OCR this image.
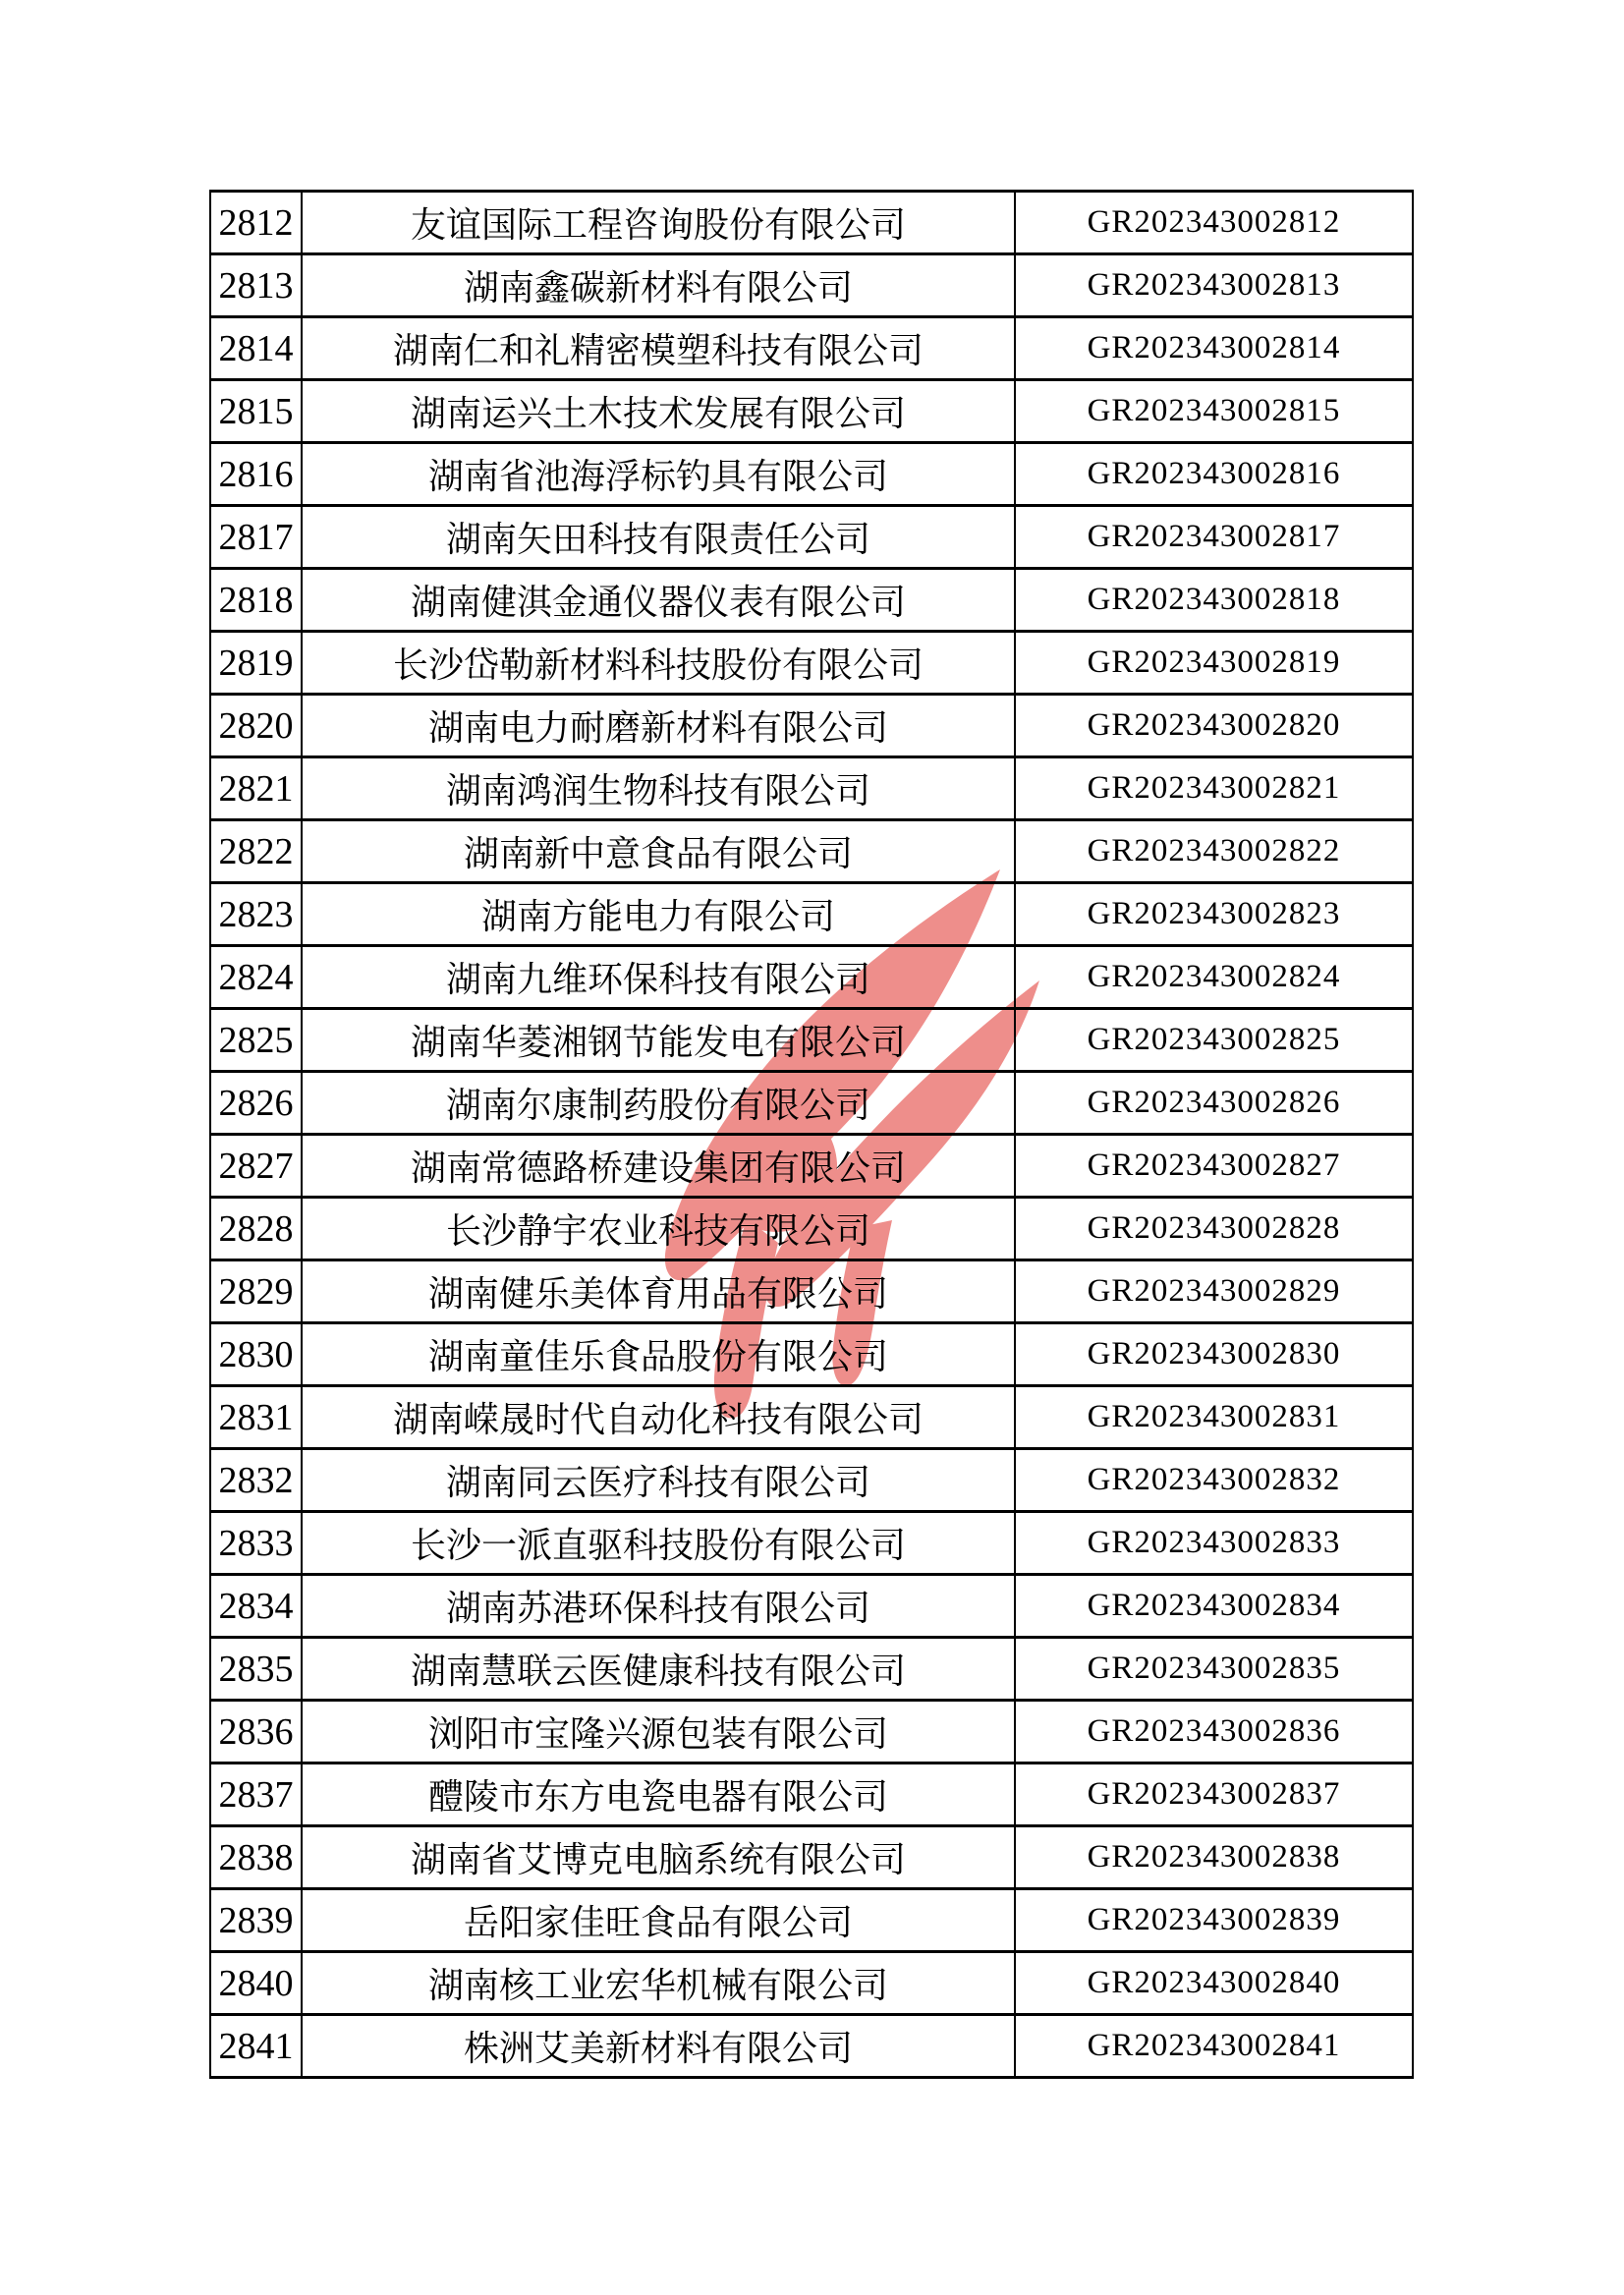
2812	友谊国际工程咨询股份有限公司	GR202343002812
2813	湖南鑫碳新材料有限公司	GR202343002813
2814	湖南仁和礼精密模塑科技有限公司	GR202343002814
2815	湖南运兴土木技术发展有限公司	GR202343002815
2816	湖南省池海浮标钓具有限公司	GR202343002816
2817	湖南矢田科技有限责任公司	GR202343002817
2818	湖南健淇金通仪器仪表有限公司	GR202343002818
2819	长沙岱勒新材料科技股份有限公司	GR202343002819
2820	湖南电力耐磨新材料有限公司	GR202343002820
2821	湖南鸿润生物科技有限公司	GR202343002821
2822	湖南新中意食品有限公司	GR202343002822
2823	湖南方能电力有限公司	GR202343002823
2824	湖南九维环保科技有限公司	GR202343002824
2825	湖南华菱湘钢节能发电有限公司	GR202343002825
2826	湖南尔康制药股份有限公司	GR202343002826
2827	湖南常德路桥建设集团有限公司	GR202343002827
2828	长沙静宇农业科技有限公司	GR202343002828
2829	湖南健乐美体育用品有限公司	GR202343002829
2830	湖南童佳乐食品股份有限公司	GR202343002830
2831	湖南嵘晟时代自动化科技有限公司	GR202343002831
2832	湖南同云医疗科技有限公司	GR202343002832
2833	长沙一派直驱科技股份有限公司	GR202343002833
2834	湖南苏港环保科技有限公司	GR202343002834
2835	湖南慧联云医健康科技有限公司	GR202343002835
2836	浏阳市宝隆兴源包装有限公司	GR202343002836
2837	醴陵市东方电瓷电器有限公司	GR202343002837
2838	湖南省艾博克电脑系统有限公司	GR202343002838
2839	岳阳家佳旺食品有限公司	GR202343002839
2840	湖南核工业宏华机械有限公司	GR202343002840
2841	株洲艾美新材料有限公司	GR202343002841
